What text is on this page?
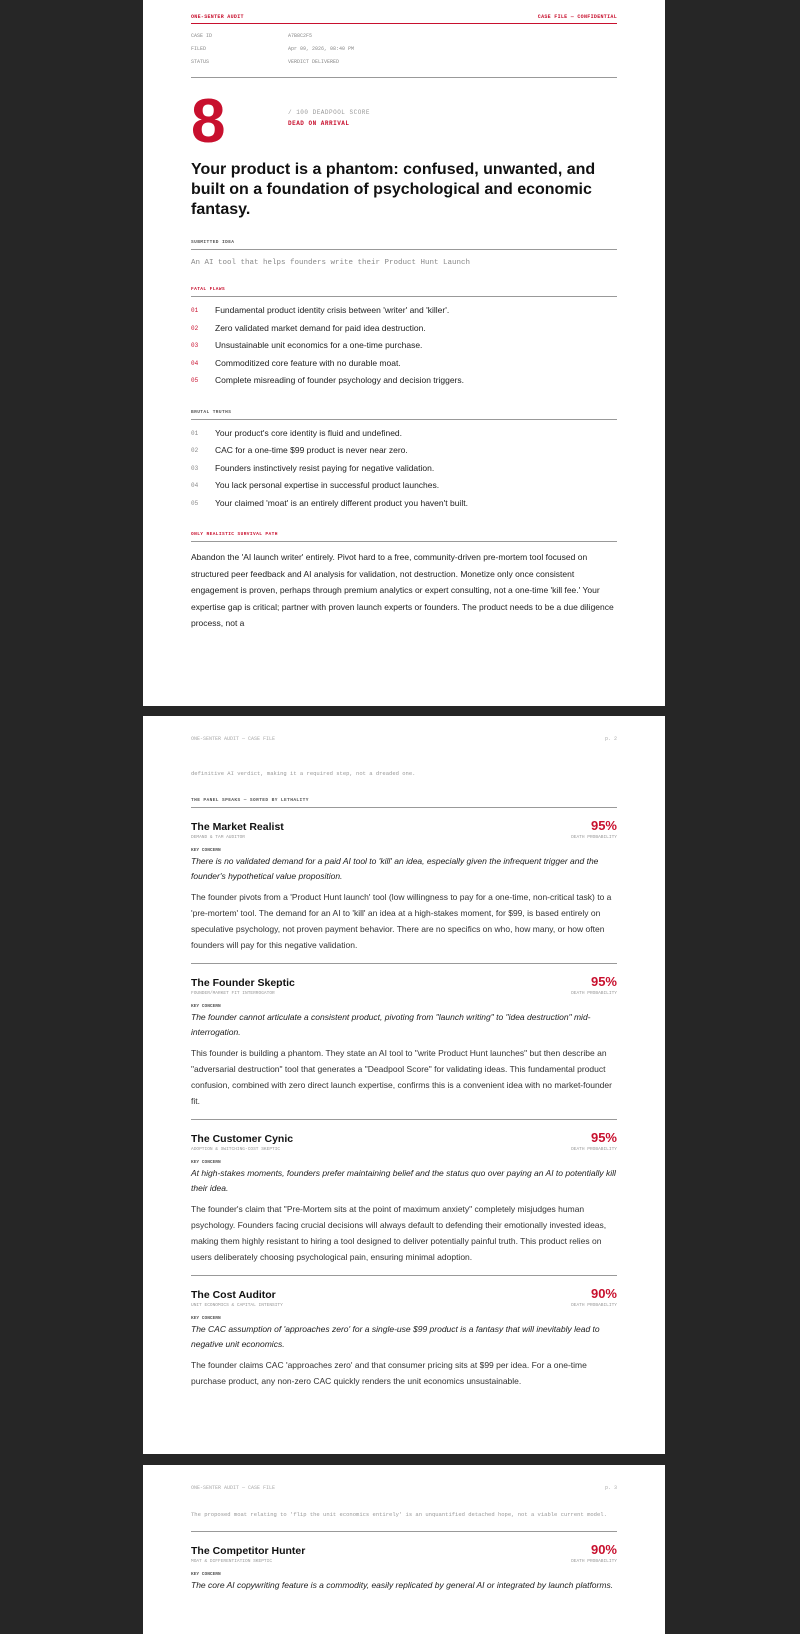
ONE-SENTER AUDIT	CASE FILE — CONFIDENTIAL
CASE ID	A7B8C2F5
FILED	Apr 09, 2026, 08:40 PM
STATUS	VERDICT DELIVERED
8	/ 100 DEADPOOL SCORE
DEAD ON ARRIVAL
Your product is a phantom: confused, unwanted, and built on a foundation of psychological and economic fantasy.
SUBMITTED IDEA
An AI tool that helps founders write their Product Hunt Launch
FATAL FLAWS
01	Fundamental product identity crisis between 'writer' and 'killer'.
02	Zero validated market demand for paid idea destruction.
03	Unsustainable unit economics for a one-time purchase.
04	Commoditized core feature with no durable moat.
05	Complete misreading of founder psychology and decision triggers.
BRUTAL TRUTHS
01	Your product's core identity is fluid and undefined.
02	CAC for a one-time $99 product is never near zero.
03	Founders instinctively resist paying for negative validation.
04	You lack personal expertise in successful product launches.
05	Your claimed 'moat' is an entirely different product you haven't built.
ONLY REALISTIC SURVIVAL PATH

Abandon the 'AI launch writer' entirely. Pivot hard to a free, community-driven pre-mortem tool focused on structured peer feedback and AI analysis for validation, not destruction. Monetize only once consistent engagement is proven, perhaps through premium analytics or expert consulting, not a one-time 'kill fee.' Your expertise gap is critical; partner with proven launch experts or founders. The product needs to be a due diligence process, not a

ONE-SENTER AUDIT — CASE FILE	p. 2
definitive AI verdict, making it a required step, not a dreaded one.
THE PANEL SPEAKS — SORTED BY LETHALITY
The Market Realist	95%
DEMAND & TAM AUDITOR	DEATH PROBABILITY
KEY CONCERN
There is no validated demand for a paid AI tool to 'kill' an idea, especially given the infrequent trigger and the founder's hypothetical value proposition.
The founder pivots from a 'Product Hunt launch' tool (low willingness to pay for a one-time, non-critical task) to a 'pre-mortem' tool. The demand for an AI to 'kill' an idea at a high-stakes moment, for $99, is based entirely on speculative psychology, not proven payment behavior. There are no specifics on who, how many, or how often founders will pay for this negative validation.
The Founder Skeptic	95%
FOUNDER/MARKET FIT INTERROGATOR	DEATH PROBABILITY
KEY CONCERN
The founder cannot articulate a consistent product, pivoting from "launch writing" to "idea destruction" mid-interrogation.
This founder is building a phantom. They state an AI tool to "write Product Hunt launches" but then describe an "adversarial destruction" tool that generates a "Deadpool Score" for validating ideas. This fundamental product confusion, combined with zero direct launch expertise, confirms this is a convenient idea with no market-founder fit.
The Customer Cynic	95%
ADOPTION & SWITCHING-COST SKEPTIC	DEATH PROBABILITY
KEY CONCERN
At high-stakes moments, founders prefer maintaining belief and the status quo over paying an AI to potentially kill their idea.
The founder's claim that "Pre-Mortem sits at the point of maximum anxiety" completely misjudges human psychology. Founders facing crucial decisions will always default to defending their emotionally invested ideas, making them highly resistant to hiring a tool designed to deliver potentially painful truth. This product relies on users deliberately choosing psychological pain, ensuring minimal adoption.
The Cost Auditor	90%
UNIT ECONOMICS & CAPITAL INTENSITY	DEATH PROBABILITY
KEY CONCERN
The CAC assumption of 'approaches zero' for a single-use $99 product is a fantasy that will inevitably lead to negative unit economics.
The founder claims CAC 'approaches zero' and that consumer pricing sits at $99 per idea. For a one-time purchase product, any non-zero CAC quickly renders the unit economics unsustainable.
ONE-SENTER AUDIT — CASE FILE	p. 3
The proposed moat relating to 'flip the unit economics entirely' is an unquantified detached hope, not a viable current model.
The Competitor Hunter	90%
MOAT & DIFFERENTIATION SKEPTIC	DEATH PROBABILITY
KEY CONCERN
The core AI copywriting feature is a commodity, easily replicated by general AI or integrated by launch platforms.
